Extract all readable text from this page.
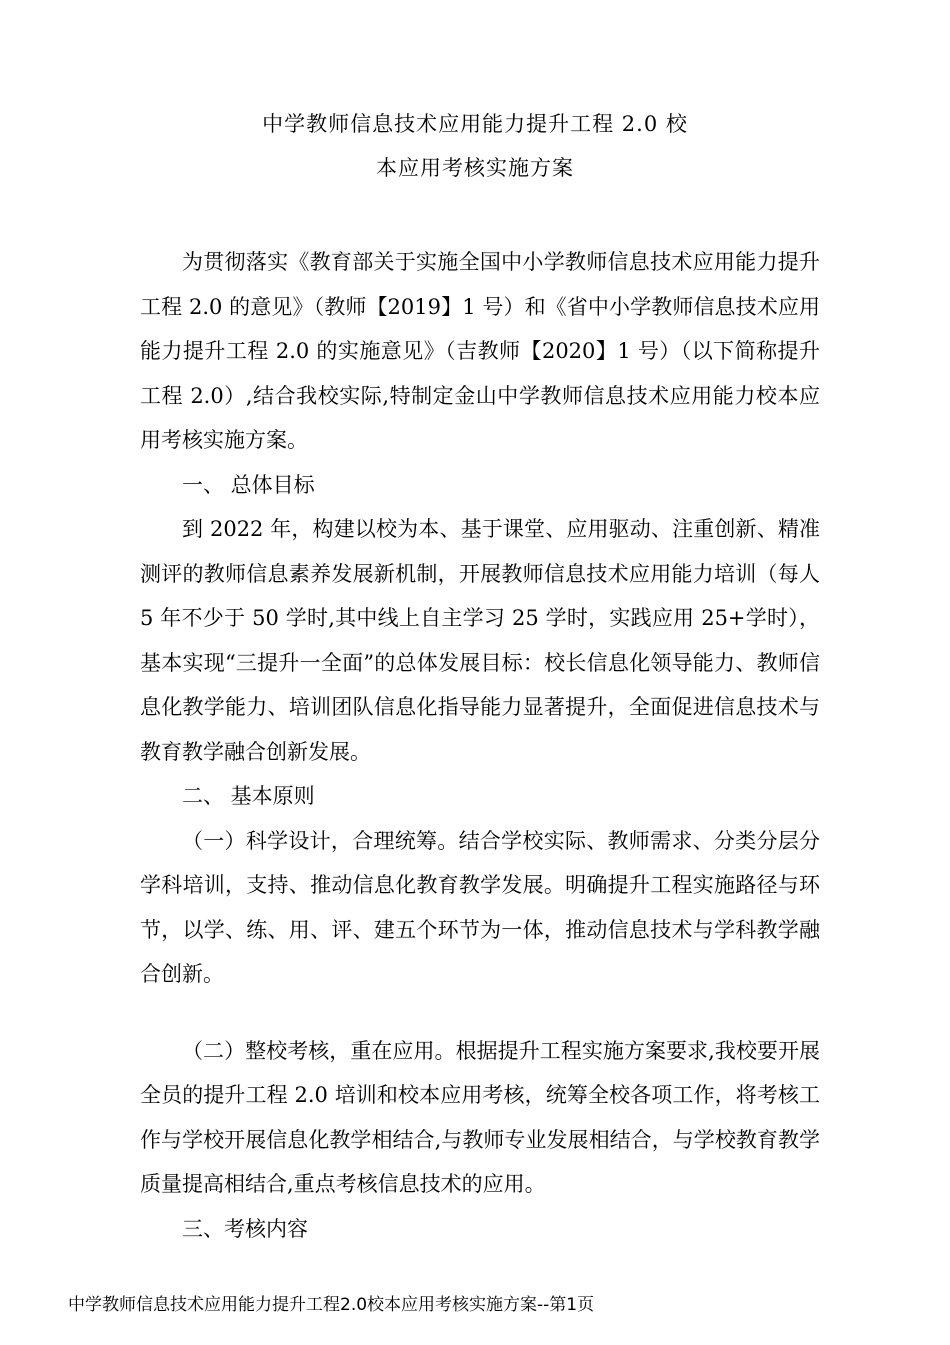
中学教师信息技术应用能力提升工程 2.0 校
本应用考核实施方案

为贯彻落实《教育部关于实施全国中小学教师信息技术应用能力提升工程 2.0 的意见》（教师【2019】1 号）和《省中小学教师信息技术应用能力提升工程 2.0 的实施意见》（吉教师【2020】1 号）（以下简称提升工程 2.0）,结合我校实际,特制定金山中学教师信息技术应用能力校本应用考核实施方案。

一、 总体目标

到 2022 年，构建以校为本、基于课堂、应用驱动、注重创新、精准测评的教师信息素养发展新机制，开展教师信息技术应用能力培训（每人 5 年不少于 50 学时,其中线上自主学习 25 学时，实践应用 25+学时），基本实现“三提升一全面”的总体发展目标：校长信息化领导能力、教师信息化教学能力、培训团队信息化指导能力显著提升，全面促进信息技术与教育教学融合创新发展。

二、 基本原则

（一）科学设计，合理统筹。结合学校实际、教师需求、分类分层分学科培训，支持、推动信息化教育教学发展。明确提升工程实施路径与环节，以学、练、用、评、建五个环节为一体，推动信息技术与学科教学融合创新。

（二）整校考核，重在应用。根据提升工程实施方案要求,我校要开展全员的提升工程 2.0 培训和校本应用考核，统筹全校各项工作，将考核工作与学校开展信息化教学相结合,与教师专业发展相结合，与学校教育教学质量提高相结合,重点考核信息技术的应用。

三、考核内容

中学教师信息技术应用能力提升工程2.0校本应用考核实施方案--第1页
